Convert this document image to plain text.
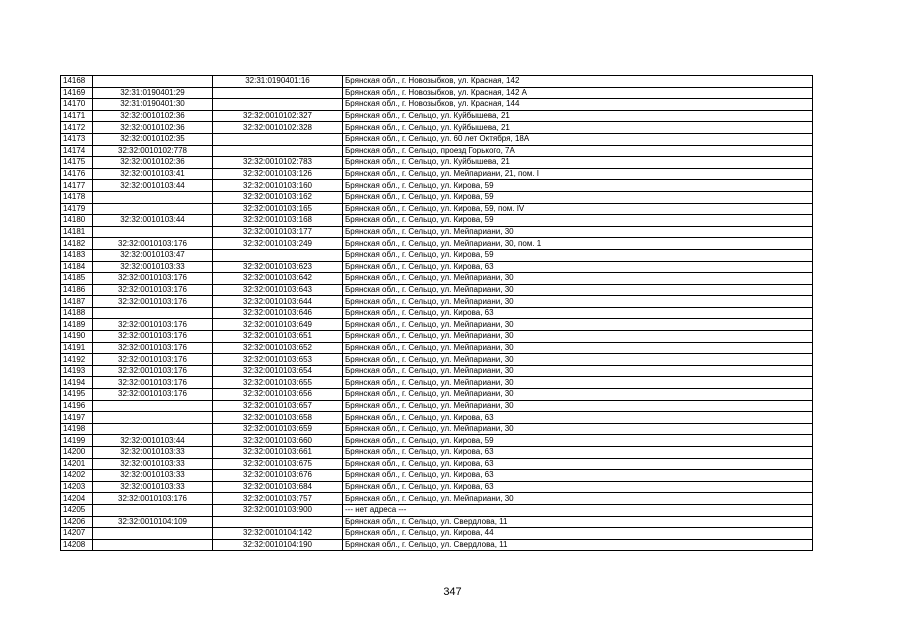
14168		32:31:0190401:16	Брянская обл., г. Новозыбков, ул. Красная, 142
14169	32:31:0190401:29		Брянская обл., г. Новозыбков, ул. Красная, 142 А
14170	32:31:0190401:30		Брянская обл., г. Новозыбков, ул. Красная, 144
14171	32:32:0010102:36	32:32:0010102:327	Брянская обл., г. Сельцо, ул. Куйбышева, 21
14172	32:32:0010102:36	32:32:0010102:328	Брянская обл., г. Сельцо, ул. Куйбышева, 21
14173	32:32:0010102:35		Брянская обл., г. Сельцо, ул. 60 лет Октября, 18А
14174	32:32:0010102:778		Брянская обл., г. Сельцо, проезд Горького, 7А
14175	32:32:0010102:36	32:32:0010102:783	Брянская обл., г. Сельцо, ул. Куйбышева, 21
14176	32:32:0010103:41	32:32:0010103:126	Брянская обл., г. Сельцо, ул. Мейпариани, 21, пом. I
14177	32:32:0010103:44	32:32:0010103:160	Брянская обл., г. Сельцо, ул. Кирова, 59
14178		32:32:0010103:162	Брянская обл., г. Сельцо, ул. Кирова, 59
14179		32:32:0010103:165	Брянская обл., г. Сельцо, ул. Кирова, 59, пом. IV
14180	32:32:0010103:44	32:32:0010103:168	Брянская обл., г. Сельцо, ул. Кирова, 59
14181		32:32:0010103:177	Брянская обл., г. Сельцо, ул. Мейпариани, 30
14182	32:32:0010103:176	32:32:0010103:249	Брянская обл., г. Сельцо, ул. Мейпариани, 30, пом. 1
14183	32:32:0010103:47		Брянская обл., г. Сельцо, ул. Кирова, 59
14184	32:32:0010103:33	32:32:0010103:623	Брянская обл., г. Сельцо, ул. Кирова, 63
14185	32:32:0010103:176	32:32:0010103:642	Брянская обл., г. Сельцо, ул. Мейпариани, 30
14186	32:32:0010103:176	32:32:0010103:643	Брянская обл., г. Сельцо, ул. Мейпариани, 30
14187	32:32:0010103:176	32:32:0010103:644	Брянская обл., г. Сельцо, ул. Мейпариани, 30
14188		32:32:0010103:646	Брянская обл., г. Сельцо, ул. Кирова, 63
14189	32:32:0010103:176	32:32:0010103:649	Брянская обл., г. Сельцо, ул. Мейпариани, 30
14190	32:32:0010103:176	32:32:0010103:651	Брянская обл., г. Сельцо, ул. Мейпариани, 30
14191	32:32:0010103:176	32:32:0010103:652	Брянская обл., г. Сельцо, ул. Мейпариани, 30
14192	32:32:0010103:176	32:32:0010103:653	Брянская обл., г. Сельцо, ул. Мейпариани, 30
14193	32:32:0010103:176	32:32:0010103:654	Брянская обл., г. Сельцо, ул. Мейпариани, 30
14194	32:32:0010103:176	32:32:0010103:655	Брянская обл., г. Сельцо, ул. Мейпариани, 30
14195	32:32:0010103:176	32:32:0010103:656	Брянская обл., г. Сельцо, ул. Мейпариани, 30
14196		32:32:0010103:657	Брянская обл., г. Сельцо, ул. Мейпариани, 30
14197		32:32:0010103:658	Брянская обл., г. Сельцо, ул. Кирова, 63
14198		32:32:0010103:659	Брянская обл., г. Сельцо, ул. Мейпариани, 30
14199	32:32:0010103:44	32:32:0010103:660	Брянская обл., г. Сельцо, ул. Кирова, 59
14200	32:32:0010103:33	32:32:0010103:661	Брянская обл., г. Сельцо, ул. Кирова, 63
14201	32:32:0010103:33	32:32:0010103:675	Брянская обл., г. Сельцо, ул. Кирова, 63
14202	32:32:0010103:33	32:32:0010103:676	Брянская обл., г. Сельцо, ул. Кирова, 63
14203	32:32:0010103:33	32:32:0010103:684	Брянская обл., г. Сельцо, ул. Кирова, 63
14204	32:32:0010103:176	32:32:0010103:757	Брянская обл., г. Сельцо, ул. Мейпариани, 30
14205		32:32:0010103:900	--- нет адреса ---
14206	32:32:0010104:109		Брянская обл., г. Сельцо, ул. Свердлова, 11
14207		32:32:0010104:142	Брянская обл., г. Сельцо, ул. Кирова, 44
14208		32:32:0010104:190	Брянская обл., г. Сельцо, ул. Свердлова, 11
347
